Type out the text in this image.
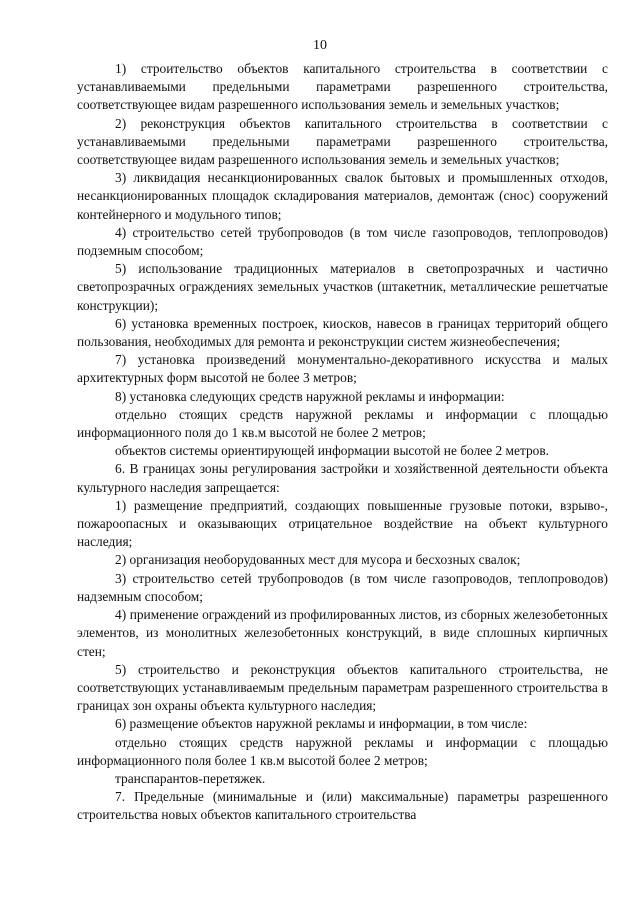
10

1) строительство объектов капитального строительства в соответствии с устанавливаемыми предельными параметрами разрешенного строительства, соответствующее видам разрешенного использования земель и земельных участков;

2) реконструкция объектов капитального строительства в соответствии с устанавливаемыми предельными параметрами разрешенного строительства, соответствующее видам разрешенного использования земель и земельных участков;

3) ликвидация несанкционированных свалок бытовых и промышленных отходов, несанкционированных площадок складирования материалов, демонтаж (снос) сооружений контейнерного и модульного типов;

4) строительство сетей трубопроводов (в том числе газопроводов, теплопроводов) подземным способом;

5) использование традиционных материалов в светопрозрачных и частично светопрозрачных ограждениях земельных участков (штакетник, металлические решетчатые конструкции);

6) установка временных построек, киосков, навесов в границах территорий общего пользования, необходимых для ремонта и реконструкции систем жизнеобеспечения;

7) установка произведений монументально-декоративного искусства и малых архитектурных форм высотой не более 3 метров;

8) установка следующих средств наружной рекламы и информации:

отдельно стоящих средств наружной рекламы и информации с площадью информационного поля до 1 кв.м высотой не более 2 метров;

объектов системы ориентирующей информации высотой не более 2 метров.

6. В границах зоны регулирования застройки и хозяйственной деятельности объекта культурного наследия запрещается:

1) размещение предприятий, создающих повышенные грузовые потоки, взрыво-, пожароопасных и оказывающих отрицательное воздействие на объект культурного наследия;

2) организация необорудованных мест для мусора и бесхозных свалок;

3) строительство сетей трубопроводов (в том числе газопроводов, теплопроводов) надземным способом;

4) применение ограждений из профилированных листов, из сборных железобетонных элементов, из монолитных железобетонных конструкций, в виде сплошных кирпичных стен;

5) строительство и реконструкция объектов капитального строительства, не соответствующих устанавливаемым предельным параметрам разрешенного строительства в границах зон охраны объекта культурного наследия;

6) размещение объектов наружной рекламы и информации, в том числе:

отдельно стоящих средств наружной рекламы и информации с площадью информационного поля более 1 кв.м высотой более 2 метров;

транспарантов-перетяжек.

7. Предельные (минимальные и (или) максимальные) параметры разрешенного строительства новых объектов капитального строительства
